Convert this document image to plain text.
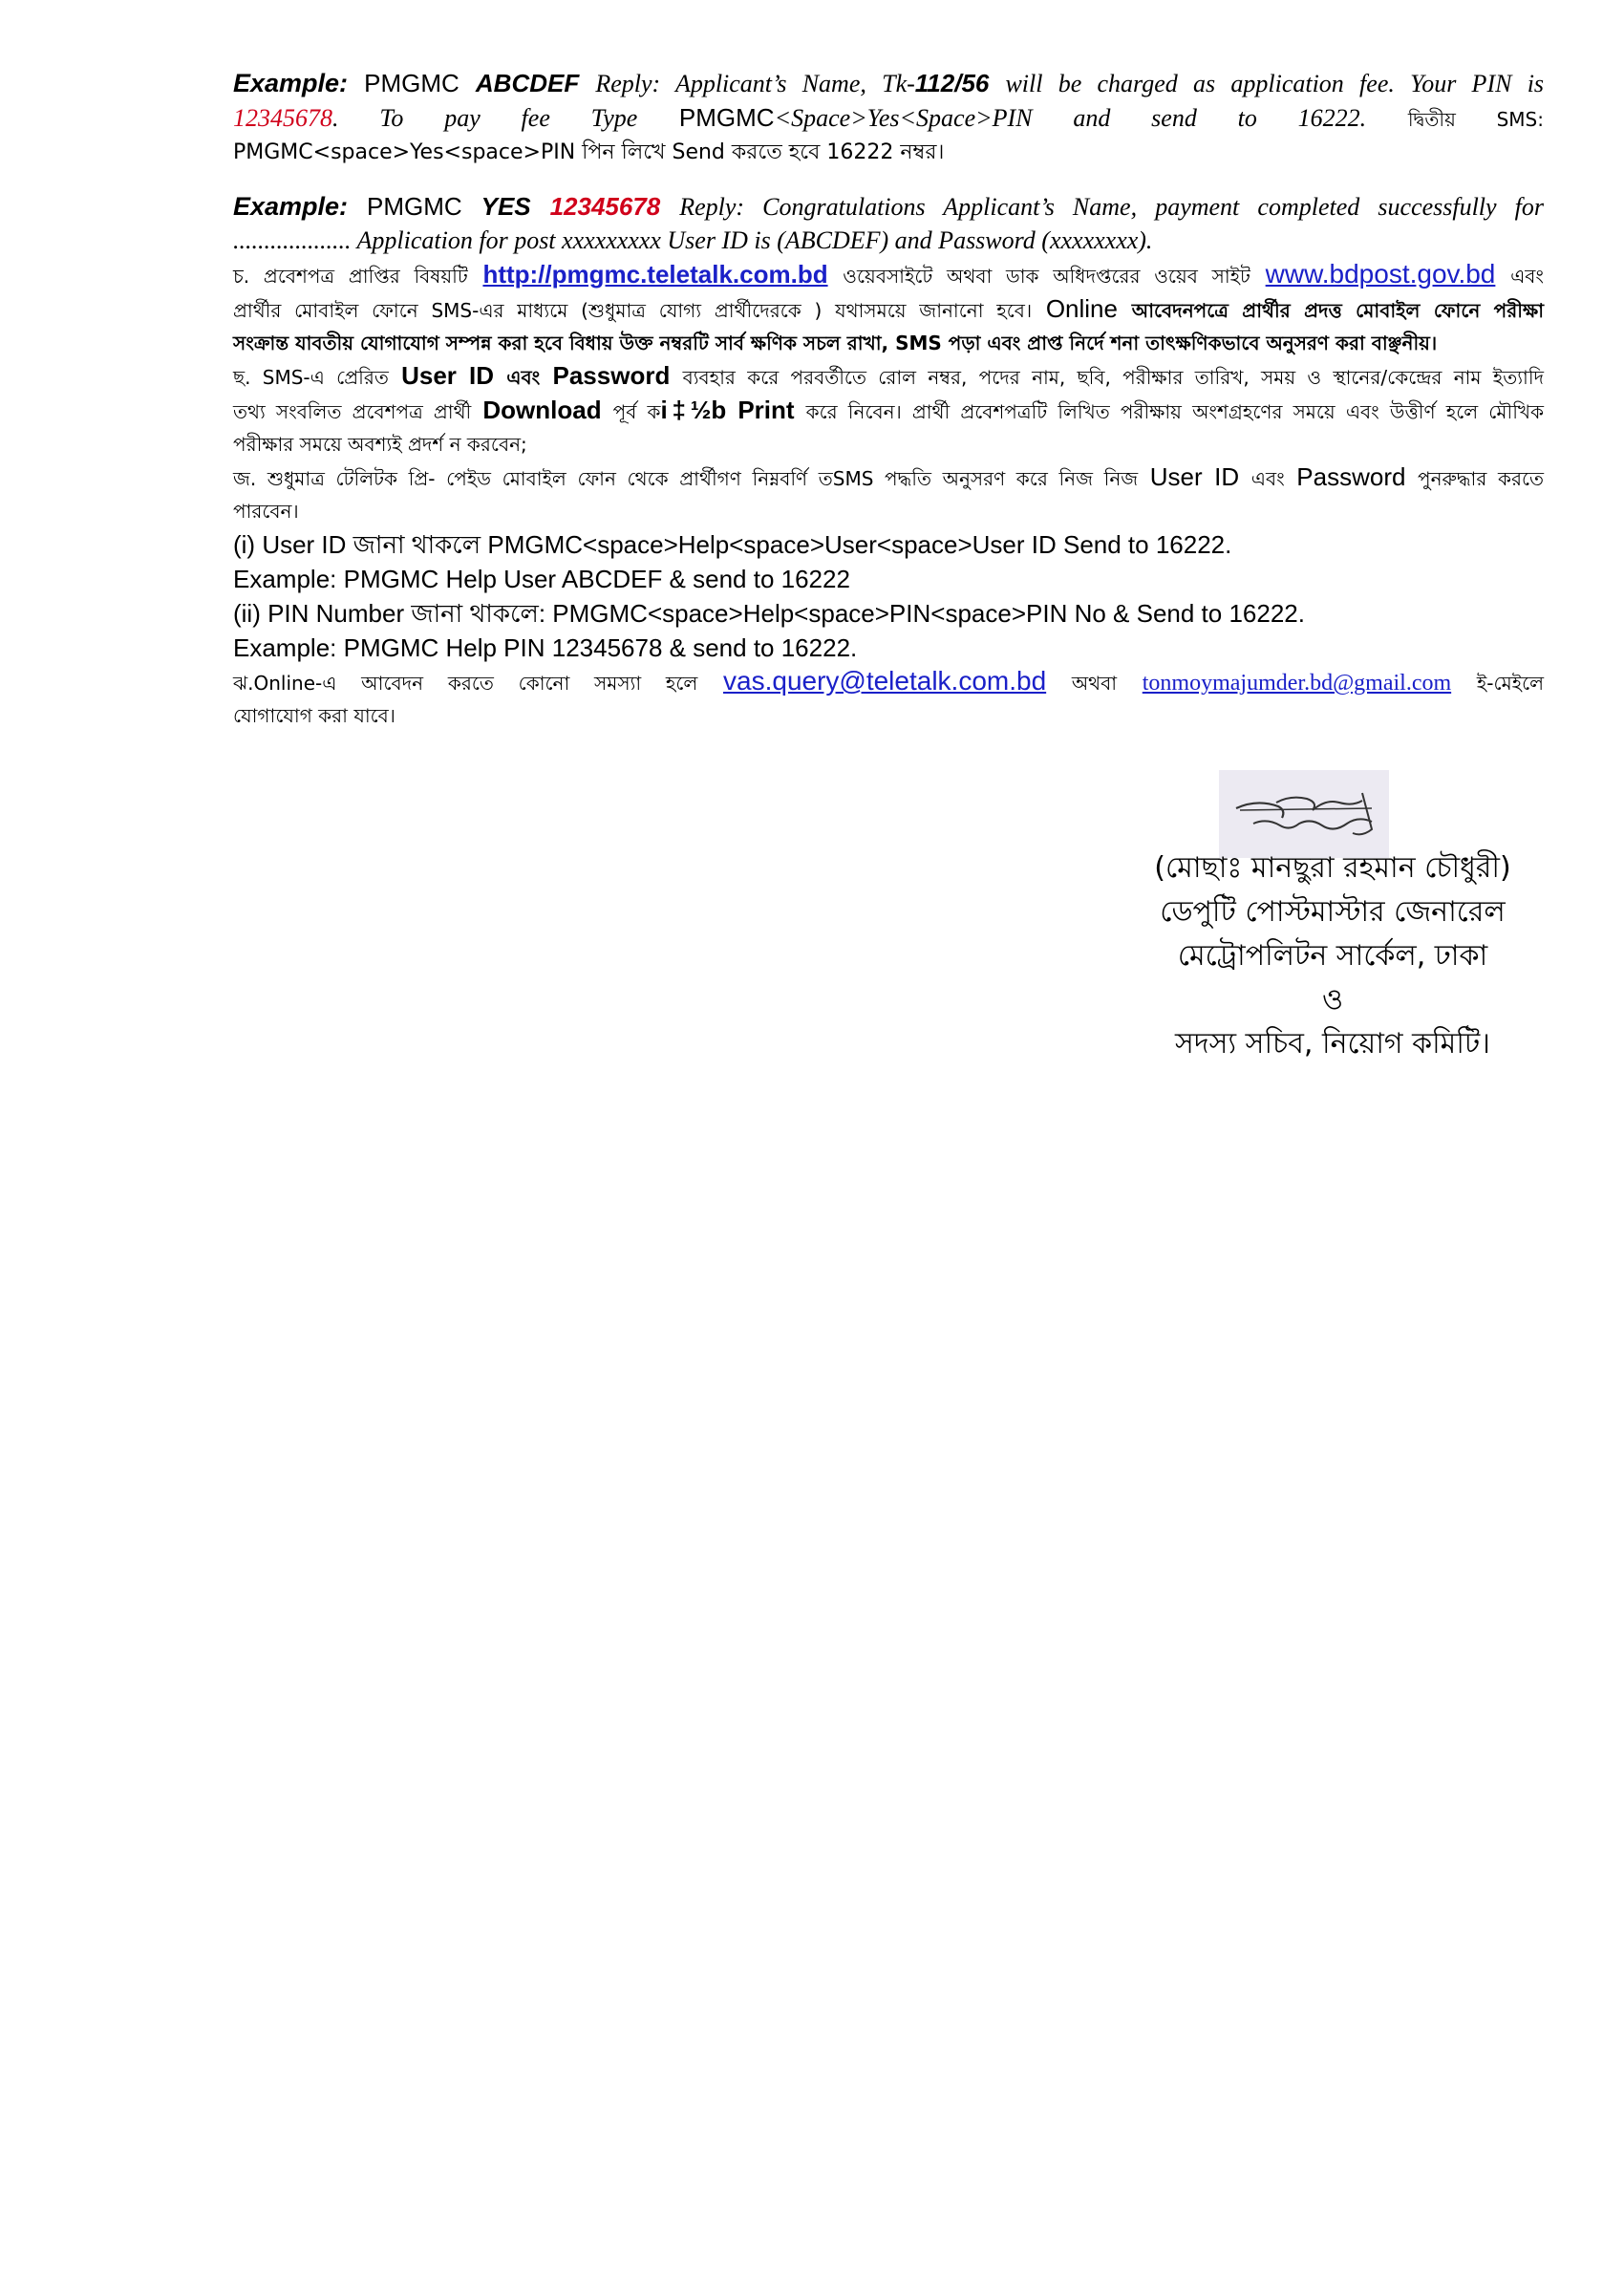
Example: PMGMC ABCDEF Reply: Applicant’s Name, Tk-112/56 will be charged as application fee. Your PIN is
12345678. To pay fee Type PMGMC<Space>Yes<Space>PIN and send to 16222. দ্বিতীয় SMS:
PMGMC<space>Yes<space>PIN পিন লিখে Send করতে হবে 16222 নম্বর।
Example: PMGMC YES 12345678 Reply: Congratulations Applicant’s Name, payment completed successfully for
................... Application for post xxxxxxxxx User ID is (ABCDEF) and Password (xxxxxxxx).
চ. প্রবেশপত্র প্রাপ্তির বিষয়টি http://pmgmc.teletalk.com.bd ওয়েবসাইটে অথবা ডাক অধিদপ্তরের ওয়েব সাইট www.bdpost.gov.bd এবং
প্রার্থীর মোবাইল ফোনে SMS-এর মাধ্যমে (শুধুমাত্র যোগ্য প্রার্থীদেরকে ) যথাসময়ে জানানো হবে। Online আবেদনপত্রে প্রার্থীর প্রদত্ত মোবাইল ফোনে পরীক্ষা
সংক্রান্ত যাবতীয় যোগাযোগ সম্পন্ন করা হবে বিধায় উক্ত নম্বরটি সার্ব ক্ষণিক সচল রাখা, SMS পড়া এবং প্রাপ্ত নির্দে শনা তাৎক্ষণিকভাবে অনুসরণ করা বাঞ্ছনীয়।
ছ. SMS-এ প্রেরিত User ID এবং Password ব্যবহার করে পরবর্তীতে রোল নম্বর, পদের নাম, ছবি, পরীক্ষার তারিখ, সময় ও স্থানের/কেন্দ্রের নাম ইত্যাদি
তথ্য সংবলিত প্রবেশপত্র প্রার্থী Download পূর্ব কi‡½b Print করে নিবেন। প্রার্থী প্রবেশপত্রটি লিখিত পরীক্ষায় অংশগ্রহণের সময়ে এবং উত্তীর্ণ হলে মৌখিক
পরীক্ষার সময়ে অবশ্যই প্রদর্শ ন করবেন;
জ. শুধুমাত্র টেলিটক প্রি- পেইড মোবাইল ফোন থেকে প্রার্থীগণ নিম্নবর্ণি তSMS পদ্ধতি অনুসরণ করে নিজ নিজ User ID এবং Password পুনরুদ্ধার করতে
পারবেন।
(i) User ID জানা থাকলে PMGMC<space>Help<space>User<space>User ID Send to 16222.
Example: PMGMC Help User ABCDEF & send to 16222
(ii) PIN Number জানা থাকলে: PMGMC<space>Help<space>PIN<space>PIN No & Send to 16222.
Example: PMGMC Help PIN 12345678 & send to 16222.
ঝ.Online-এ আবেদন করতে কোনো সমস্যা হলে vas.query@teletalk.com.bd অথবা tonmoymajumder.bd@gmail.com ই-মেইলে
যোগাযোগ করা যাবে।
(মোছাঃ মানছুরা রহমান চৌধুরী)
ডেপুটি পোস্টমাস্টার জেনারেল
মেট্রোপলিটন সার্কেল, ঢাকা
ও
সদস্য সচিব, নিয়োগ কমিটি।
